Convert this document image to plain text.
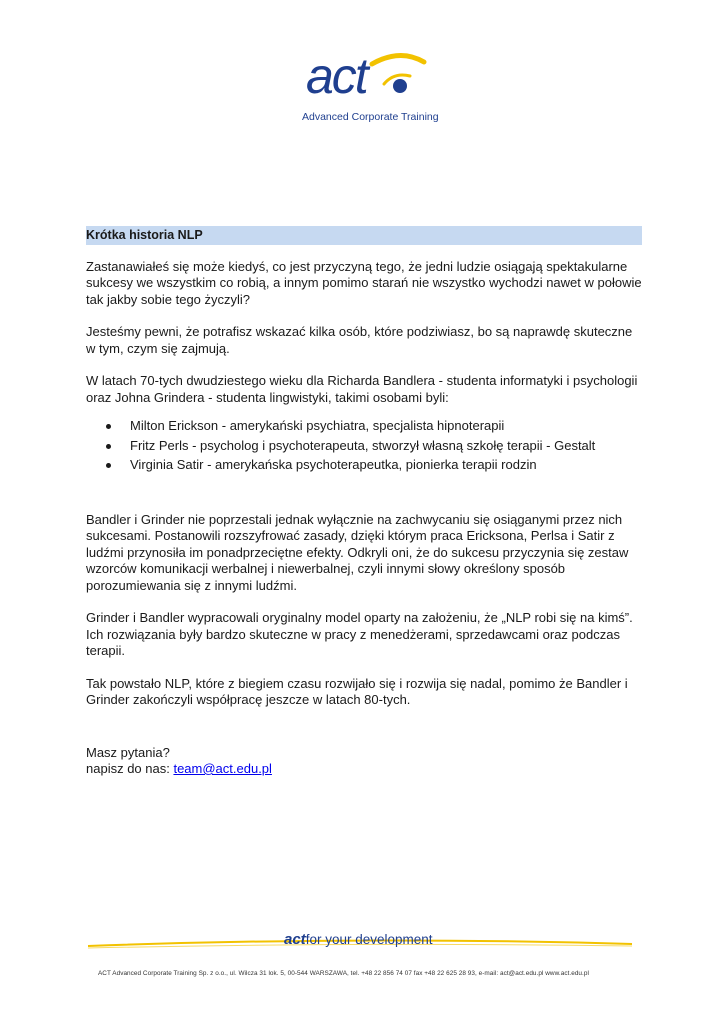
act
Advanced Corporate Training
Krótka historia NLP

Zastanawiałeś się może kiedyś, co jest przyczyną tego, że jedni ludzie osiągają spektakularne sukcesy we wszystkim co robią, a innym pomimo starań nie wszystko wychodzi nawet w połowie tak jakby sobie tego życzyli?

Jesteśmy pewni, że potrafisz wskazać kilka osób, które podziwiasz, bo są naprawdę skuteczne w tym, czym się zajmują.

W latach 70-tych dwudziestego wieku dla Richarda Bandlera - studenta informatyki i psychologii oraz Johna Grindera - studenta lingwistyki, takimi osobami byli:

Milton Erickson - amerykański psychiatra, specjalista hipnoterapii
Fritz Perls - psycholog i psychoterapeuta, stworzył własną szkołę terapii - Gestalt
Virginia Satir - amerykańska psychoterapeutka, pionierka terapii rodzin

Bandler i Grinder nie poprzestali jednak wyłącznie na zachwycaniu się osiąganymi przez nich sukcesami. Postanowili rozszyfrować zasady, dzięki którym praca Ericksona, Perlsa i Satir z ludźmi przynosiła im ponadprzeciętne efekty. Odkryli oni, że do sukcesu przyczynia się zestaw wzorców komunikacji werbalnej i niewerbalnej, czyli innymi słowy określony sposób porozumiewania się z innymi ludźmi.

Grinder i Bandler wypracowali oryginalny model oparty na założeniu, że „NLP robi się na kimś”. Ich rozwiązania były bardzo skuteczne w pracy z menedżerami, sprzedawcami oraz podczas terapii.

Tak powstało NLP, które z biegiem czasu rozwijało się i rozwija się nadal, pomimo że Bandler i Grinder zakończyli współpracę jeszcze w latach 80-tych.

Masz pytania?
napisz do nas: team@act.edu.pl
actfor your development
ACT Advanced Corporate Training Sp. z o.o., ul. Wilcza 31 lok. 5, 00-544 WARSZAWA, tel. +48 22 856 74 07 fax +48 22 625 28 93, e-mail: act@act.edu.pl www.act.edu.pl
